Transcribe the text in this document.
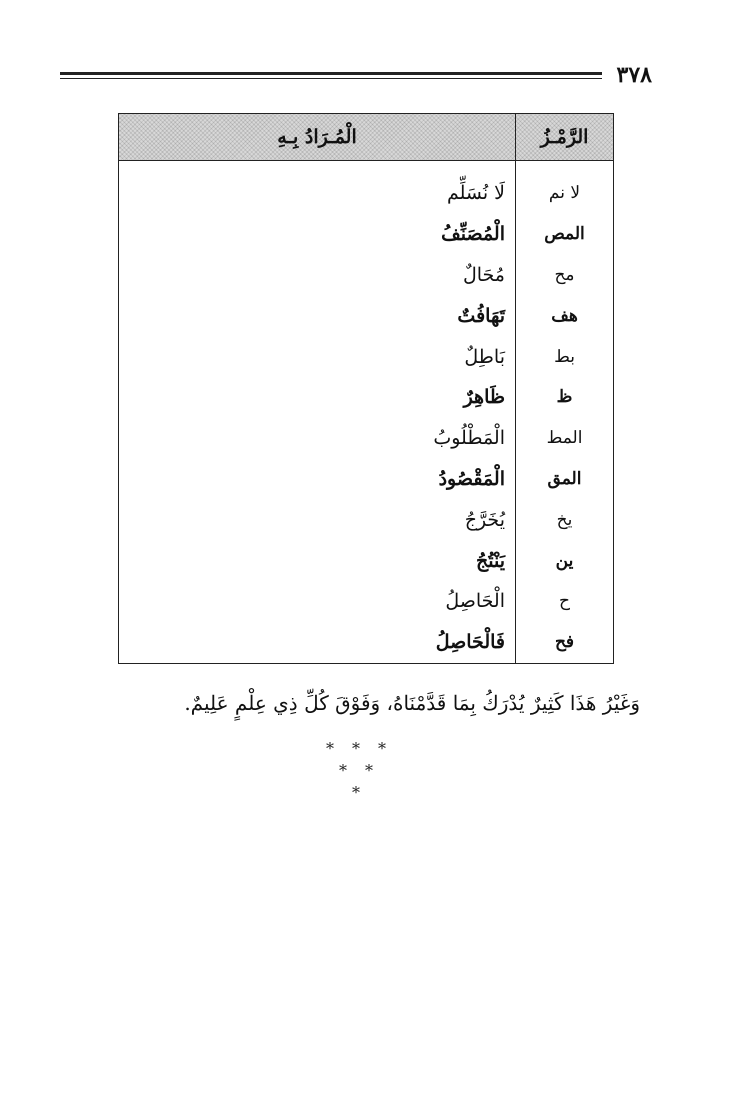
٣٧٨
الرَّمْـزُ	الْمُـرَادُ بِـهِ

لا نم	لَا نُسَلِّم
المص	الْمُصَنِّفُ
مح	مُحَالٌ
هف	تَهَافُتٌ
بط	بَاطِلٌ
ظ	ظَاهِرٌ
المط	الْمَطْلُوبُ
المق	الْمَقْصُودُ
يخ	يُخَرَّجُ
ين	يَنْتُجُ
ح	الْحَاصِلُ
فح	فَالْحَاصِلُ
وَغَيْرُ هَذَا كَثِيرٌ يُدْرَكُ بِمَا قَدَّمْنَاهُ، وَفَوْقَ كُلِّ ذِي عِلْمٍ عَلِيمٌ.
* * *
* *
*
